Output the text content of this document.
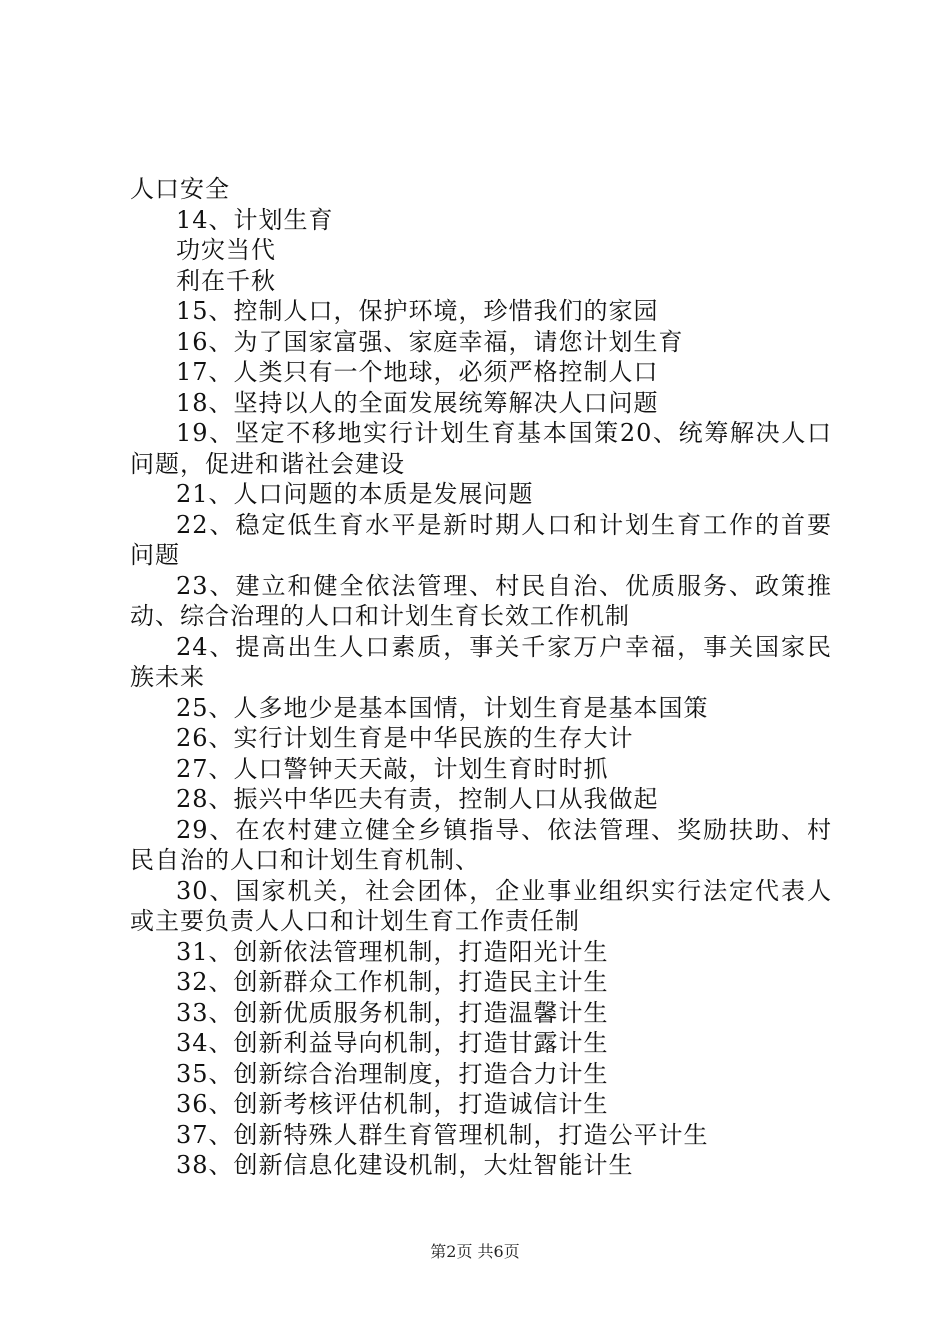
人口安全
14、计划生育
功灾当代
利在千秋
15、控制人口，保护环境，珍惜我们的家园
16、为了国家富强、家庭幸福，请您计划生育
17、人类只有一个地球，必须严格控制人口
18、坚持以人的全面发展统筹解决人口问题
19、坚定不移地实行计划生育基本国策20、统筹解决人口
问题，促进和谐社会建设
21、人口问题的本质是发展问题
22、稳定低生育水平是新时期人口和计划生育工作的首要
问题
23、建立和健全依法管理、村民自治、优质服务、政策推
动、综合治理的人口和计划生育长效工作机制
24、提高出生人口素质，事关千家万户幸福，事关国家民
族未来
25、人多地少是基本国情，计划生育是基本国策
26、实行计划生育是中华民族的生存大计
27、人口警钟天天敲，计划生育时时抓
28、振兴中华匹夫有责，控制人口从我做起
29、在农村建立健全乡镇指导、依法管理、奖励扶助、村
民自治的人口和计划生育机制、
30、国家机关，社会团体，企业事业组织实行法定代表人
或主要负责人人口和计划生育工作责任制
31、创新依法管理机制，打造阳光计生
32、创新群众工作机制，打造民主计生
33、创新优质服务机制，打造温馨计生
34、创新利益导向机制，打造甘露计生
35、创新综合治理制度，打造合力计生
36、创新考核评估机制，打造诚信计生
37、创新特殊人群生育管理机制，打造公平计生
38、创新信息化建设机制，大灶智能计生
第2页 共6页
